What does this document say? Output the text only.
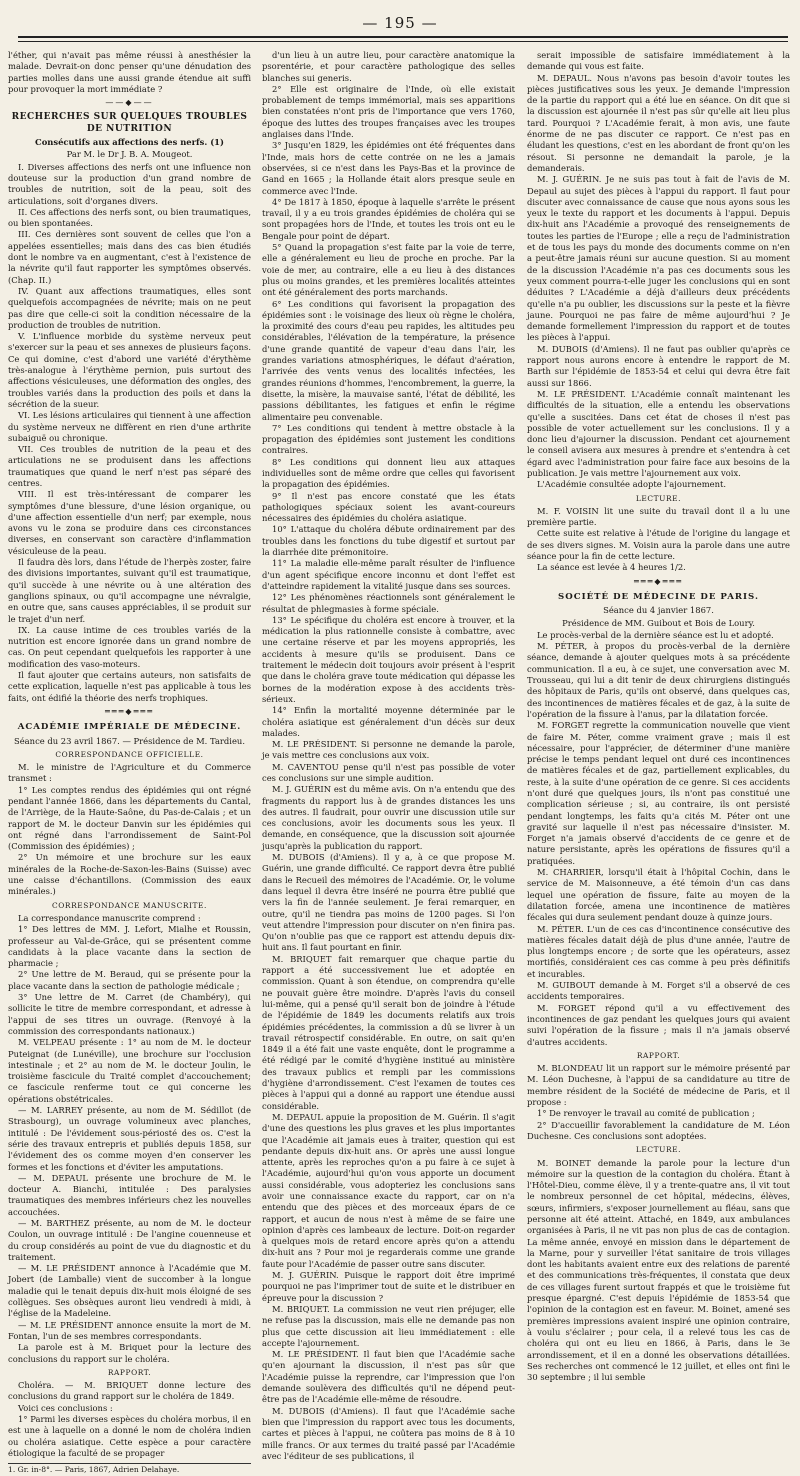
— 195 —

l'éther, qui n'avait pas même réussi à anesthésier la malade. Devrait-on donc penser qu'une dénudation des parties molles dans une aussi grande étendue ait suffi pour provoquer la mort immédiate ?

——◆——
RECHERCHES SUR QUELQUES TROUBLES DE NUTRITION
Consécutifs aux affections des nerfs. (1)
Par M. le Dr J. B. A. Mougeot.

I. Diverses affections des nerfs ont une influence non douteuse sur la production d'un grand nombre de troubles de nutrition, soit de la peau, soit des articulations, soit d'organes divers.

II. Ces affections des nerfs sont, ou bien traumatiques, ou bien spontanées.

III. Ces dernières sont souvent de celles que l'on a appelées essentielles; mais dans des cas bien étudiés dont le nombre va en augmentant, c'est à l'existence de la névrite qu'il faut rapporter les symptômes observés. (Chap. II.)

IV. Quant aux affections traumatiques, elles sont quelquefois accompagnées de névrite; mais on ne peut pas dire que celle-ci soit la condition nécessaire de la production de troubles de nutrition.

V. L'influence morbide du système nerveux peut s'exercer sur la peau et ses annexes de plusieurs façons. Ce qui domine, c'est d'abord une variété d'érythème très-analogue à l'érythème pernion, puis surtout des affections vésiculeuses, une déformation des ongles, des troubles variés dans la production des poils et dans la sécrétion de la sueur.

VI. Les lésions articulaires qui tiennent à une affection du système nerveux ne diffèrent en rien d'une arthrite subaiguë ou chronique.

VII. Ces troubles de nutrition de la peau et des articulations ne se produisent dans les affections traumatiques que quand le nerf n'est pas séparé des centres.

VIII. Il est très-intéressant de comparer les symptômes d'une blessure, d'une lésion organique, ou d'une affection essentielle d'un nerf; par exemple, nous avons vu le zona se produire dans ces circonstances diverses, en conservant son caractère d'inflammation vésiculeuse de la peau.

Il faudra dès lors, dans l'étude de l'herpès zoster, faire des divisions importantes, suivant qu'il est traumatique, qu'il succède à une névrite ou à une altération des ganglions spinaux, ou qu'il accompagne une névralgie, en outre que, sans causes appréciables, il se produit sur le trajet d'un nerf.

IX. La cause intime de ces troubles variés de la nutrition est encore ignorée dans un grand nombre de cas. On peut cependant quelquefois les rapporter à une modification des vaso-moteurs.

Il faut ajouter que certains auteurs, non satisfaits de cette explication, laquelle n'est pas applicable à tous les faits, ont édifié la théorie des nerfs trophiques.

═══◆═══
ACADÉMIE IMPÉRIALE DE MÉDECINE.
Séance du 23 avril 1867. — Présidence de M. Tardieu.
CORRESPONDANCE OFFICIELLE.

M. le ministre de l'Agriculture et du Commerce transmet :

1° Les comptes rendus des épidémies qui ont régné pendant l'année 1866, dans les départements du Cantal, de l'Arriège, de la Haute-Saône, du Pas-de-Calais ; et un rapport de M. le docteur Danvin sur les épidémies qui ont régné dans l'arrondissement de Saint-Pol (Commission des épidémies) ;

2° Un mémoire et une brochure sur les eaux minérales de la Roche-de-Saxon-les-Bains (Suisse) avec une caisse d'échantillons. (Commission des eaux minérales.)

CORRESPONDANCE MANUSCRITE.

La correspondance manuscrite comprend :

1° Des lettres de MM. J. Lefort, Mialhe et Roussin, professeur au Val-de-Grâce, qui se présentent comme candidats à la place vacante dans la section de pharmacie ;

2° Une lettre de M. Beraud, qui se présente pour la place vacante dans la section de pathologie médicale ;

3° Une lettre de M. Carret (de Chambéry), qui sollicite le titre de membre correspondant, et adresse à l'appui de ses titres un ouvrage. (Renvoyé à la commission des correspondants nationaux.)

M. VELPEAU présente : 1° au nom de M. le docteur Puteignat (de Lunéville), une brochure sur l'occlusion intestinale ; et 2° au nom de M. le docteur Joulin, le troisième fascicule du Traité complet d'accouchement; ce fascicule renferme tout ce qui concerne les opérations obstétricales.

— M. LARREY présente, au nom de M. Sédillot (de Strasbourg), un ouvrage volumineux avec planches, intitulé : De l'évidement sous-périosté des os. C'est la série des travaux entrepris et publiés depuis 1858, sur l'évidement des os comme moyen d'en conserver les formes et les fonctions et d'éviter les amputations.

— M. DEPAUL présente une brochure de M. le docteur A. Bianchi, intitulée : Des paralysies traumatiques des membres inférieurs chez les nouvelles accouchées.

— M. BARTHEZ présente, au nom de M. le docteur Coulon, un ouvrage intitulé : De l'angine couenneuse et du croup considérés au point de vue du diagnostic et du traitement.

— M. LE PRÉSIDENT annonce à l'Académie que M. Jobert (de Lamballe) vient de succomber à la longue maladie qui le tenait depuis dix-huit mois éloigné de ses collègues. Ses obsèques auront lieu vendredi à midi, à l'église de la Madeleine.

— M. LE PRÉSIDENT annonce ensuite la mort de M. Fontan, l'un de ses membres correspondants.

La parole est à M. Briquet pour la lecture des conclusions du rapport sur le choléra.

RAPPORT.

Choléra. — M. BRIQUET donne lecture des conclusions du grand rapport sur le choléra de 1849.

Voici ces conclusions :

1° Parmi les diverses espèces du choléra morbus, il en est une à laquelle on a donné le nom de choléra indien ou choléra asiatique. Cette espèce a pour caractère étiologique la faculté de se propager

1. Gr. in-8°. — Paris, 1867, Adrien Delahaye.

d'un lieu à un autre lieu, pour caractère anatomique la psorentérie, et pour caractère pathologique des selles blanches sui generis.

2° Elle est originaire de l'Inde, où elle existait probablement de temps immémorial, mais ses apparitions bien constatées n'ont pris de l'importance que vers 1760, époque des luttes des troupes françaises avec les troupes anglaises dans l'Inde.

3° Jusqu'en 1829, les épidémies ont été fréquentes dans l'Inde, mais hors de cette contrée on ne les a jamais observées, si ce n'est dans les Pays-Bas et la province de Gand en 1665 ; la Hollande était alors presque seule en commerce avec l'Inde.

4° De 1817 à 1850, époque à laquelle s'arrête le présent travail, il y a eu trois grandes épidémies de choléra qui se sont propagées hors de l'Inde, et toutes les trois ont eu le Bengale pour point de départ.

5° Quand la propagation s'est faite par la voie de terre, elle a généralement eu lieu de proche en proche. Par la voie de mer, au contraire, elle a eu lieu à des distances plus ou moins grandes, et les premières localités atteintes ont été généralement des ports marchands.

6° Les conditions qui favorisent la propagation des épidémies sont : le voisinage des lieux où règne le choléra, la proximité des cours d'eau peu rapides, les altitudes peu considérables, l'élévation de la température, la présence d'une grande quantité de vapeur d'eau dans l'air, les grandes variations atmosphériques, le défaut d'aération, l'arrivée des vents venus des localités infectées, les grandes réunions d'hommes, l'encombrement, la guerre, la disette, la misère, la mauvaise santé, l'état de débilité, les passions débilitantes, les fatigues et enfin le régime alimentaire peu convenable.

7° Les conditions qui tendent à mettre obstacle à la propagation des épidémies sont justement les conditions contraires.

8° Les conditions qui donnent lieu aux attaques individuelles sont de même ordre que celles qui favorisent la propagation des épidémies.

9° Il n'est pas encore constaté que les états pathologiques spéciaux soient les avant-coureurs nécessaires des épidémies du choléra asiatique.

10° L'attaque du choléra débute ordinairement par des troubles dans les fonctions du tube digestif et surtout par la diarrhée dite prémonitoire.

11° La maladie elle-même paraît résulter de l'influence d'un agent spécifique encore inconnu et dont l'effet est d'atteindre rapidement la vitalité jusque dans ses sources.

12° Les phénomènes réactionnels sont généralement le résultat de phlegmasies à forme spéciale.

13° Le spécifique du choléra est encore à trouver, et la médication la plus rationnelle consiste à combattre, avec une certaine réserve et par les moyens appropriés, les accidents à mesure qu'ils se produisent. Dans ce traitement le médecin doit toujours avoir présent à l'esprit que dans le choléra grave toute médication qui dépasse les bornes de la modération expose à des accidents très-sérieux.

14° Enfin la mortalité moyenne déterminée par le choléra asiatique est généralement d'un décès sur deux malades.

M. LE PRÉSIDENT. Si personne ne demande la parole, je vais mettre ces conclusions aux voix.

M. CAVENTOU pense qu'il n'est pas possible de voter ces conclusions sur une simple audition.

M. J. GUÉRIN est du même avis. On n'a entendu que des fragments du rapport lus à de grandes distances les uns des autres. Il faudrait, pour ouvrir une discussion utile sur ces conclusions, avoir les documents sous les yeux. Il demande, en conséquence, que la discussion soit ajournée jusqu'après la publication du rapport.

M. DUBOIS (d'Amiens). Il y a, à ce que propose M. Guérin, une grande difficulté. Ce rapport devra être publié dans le Recueil des mémoires de l'Académie. Or, le volume dans lequel il devra être inséré ne pourra être publié que vers la fin de l'année seulement. Je ferai remarquer, en outre, qu'il ne tiendra pas moins de 1200 pages. Si l'on veut attendre l'impression pour discuter on n'en finira pas. Qu'on n'oublie pas que ce rapport est attendu depuis dix-huit ans. Il faut pourtant en finir.

M. BRIQUET fait remarquer que chaque partie du rapport a été successivement lue et adoptée en commission. Quant à son étendue, on comprendra qu'elle ne pouvait guère être moindre. D'après l'avis du conseil lui-même, qui a pensé qu'il serait bon de joindre à l'étude de l'épidémie de 1849 les documents relatifs aux trois épidémies précédentes, la commission a dû se livrer à un travail rétrospectif considérable. En outre, on sait qu'en 1849 il a été fait une vaste enquête, dont le programme a été rédigé par le comité d'hygiène institué au ministère des travaux publics et rempli par les commissions d'hygiène d'arrondissement. C'est l'examen de toutes ces pièces à l'appui qui a donné au rapport une étendue aussi considérable.

M. DEPAUL appuie la proposition de M. Guérin. Il s'agit d'une des questions les plus graves et les plus importantes que l'Académie ait jamais eues à traiter, question qui est pendante depuis dix-huit ans. Or après une aussi longue attente, après les reproches qu'on a pu faire à ce sujet à l'Académie, aujourd'hui qu'on vous apporte un document aussi considérable, vous adopteriez les conclusions sans avoir une connaissance exacte du rapport, car on n'a entendu que des pièces et des morceaux épars de ce rapport, et aucun de nous n'est à même de se faire une opinion d'après ces lambeaux de lecture. Doit-on regarder à quelques mois de retard encore après qu'on a attendu dix-huit ans ? Pour moi je regarderais comme une grande faute pour l'Académie de passer outre sans discuter.

M. J. GUÉRIN. Puisque le rapport doit être imprimé pourquoi ne pas l'imprimer tout de suite et le distribuer en épreuve pour la discussion ?

M. BRIQUET. La commission ne veut rien préjuger, elle ne refuse pas la discussion, mais elle ne demande pas non plus que cette discussion ait lieu immédiatement : elle accepte l'ajournement.

M. LE PRÉSIDENT. Il faut bien que l'Académie sache qu'en ajournant la discussion, il n'est pas sûr que l'Académie puisse la reprendre, car l'impression que l'on demande soulèvera des difficultés qu'il ne dépend peut-être pas de l'Académie elle-même de résoudre.

M. DUBOIS (d'Amiens). Il faut que l'Académie sache bien que l'impression du rapport avec tous les documents, cartes et pièces à l'appui, ne coûtera pas moins de 8 à 10 mille francs. Or aux termes du traité passé par l'Académie avec l'éditeur de ses publications, il

serait impossible de satisfaire immédiatement à la demande qui vous est faite.

M. DEPAUL. Nous n'avons pas besoin d'avoir toutes les pièces justificatives sous les yeux. Je demande l'impression de la partie du rapport qui a été lue en séance. On dit que si la discussion est ajournée il n'est pas sûr qu'elle ait lieu plus tard. Pourquoi ? L'Académie ferait, à mon avis, une faute énorme de ne pas discuter ce rapport. Ce n'est pas en éludant les questions, c'est en les abordant de front qu'on les résout. Si personne ne demandait la parole, je la demanderais.

M. J. GUÉRIN. Je ne suis pas tout à fait de l'avis de M. Depaul au sujet des pièces à l'appui du rapport. Il faut pour discuter avec connaissance de cause que nous ayons sous les yeux le texte du rapport et les documents à l'appui. Depuis dix-huit ans l'Académie a provoqué des renseignements de toutes les parties de l'Europe ; elle a reçu de l'administration et de tous les pays du monde des documents comme on n'en a peut-être jamais réuni sur aucune question. Si au moment de la discussion l'Académie n'a pas ces documents sous les yeux comment pourra-t-elle juger les conclusions qui en sont déduites ? L'Académie a déjà d'ailleurs deux précédents qu'elle n'a pu oublier, les discussions sur la peste et la fièvre jaune. Pourquoi ne pas faire de même aujourd'hui ? Je demande formellement l'impression du rapport et de toutes les pièces à l'appui.

M. DUBOIS (d'Amiens). Il ne faut pas oublier qu'après ce rapport nous aurons encore à entendre le rapport de M. Barth sur l'épidémie de 1853-54 et celui qui devra être fait aussi sur 1866.

M. LE PRÉSIDENT. L'Académie connaît maintenant les difficultés de la situation, elle a entendu les observations qu'elle a suscitées. Dans cet état de choses il n'est pas possible de voter actuellement sur les conclusions. Il y a donc lieu d'ajourner la discussion. Pendant cet ajournement le conseil avisera aux mesures à prendre et s'entendra à cet égard avec l'administration pour faire face aux besoins de la publication. Je vais mettre l'ajournement aux voix.

L'Académie consultée adopte l'ajournement.

LECTURE.

M. F. VOISIN lit une suite du travail dont il a lu une première partie.

Cette suite est relative à l'étude de l'origine du langage et de ses divers signes. M. Voisin aura la parole dans une autre séance pour la fin de cette lecture.

La séance est levée à 4 heures 1/2.

═══◆═══
SOCIÉTÉ DE MÉDECINE DE PARIS.
Séance du 4 janvier 1867.
Présidence de MM. Guibout et Bois de Loury.

Le procès-verbal de la dernière séance est lu et adopté.

M. PÉTER, à propos du procès-verbal de la dernière séance, demande à ajouter quelques mots à sa précédente communication. Il a eu, à ce sujet, une conversation avec M. Trousseau, qui lui a dit tenir de deux chirurgiens distingués des hôpitaux de Paris, qu'ils ont observé, dans quelques cas, des incontinences de matières fécales et de gaz, à la suite de l'opération de la fissure à l'anus, par la dilatation forcée.

M. FORGET regrette la communication nouvelle que vient de faire M. Péter, comme vraiment grave ; mais il est nécessaire, pour l'apprécier, de déterminer d'une manière précise le temps pendant lequel ont duré ces incontinences de matières fécales et de gaz, partiellement explicables, du reste, à la suite d'une opération de ce genre. Si ces accidents n'ont duré que quelques jours, ils n'ont pas constitué une complication sérieuse ; si, au contraire, ils ont persisté pendant longtemps, les faits qu'a cités M. Péter ont une gravité sur laquelle il n'est pas nécessaire d'insister. M. Forget n'a jamais observé d'accidents de ce genre et de nature persistante, après les opérations de fissures qu'il a pratiquées.

M. CHARRIER, lorsqu'il était à l'hôpital Cochin, dans le service de M. Maisonneuve, a été témoin d'un cas dans lequel une opération de fissure, faite au moyen de la dilatation forcée, amena une incontinence de matières fécales qui dura seulement pendant douze à quinze jours.

M. PÉTER. L'un de ces cas d'incontinence consécutive des matières fécales datait déjà de plus d'une année, l'autre de plus longtemps encore ; de sorte que les opérateurs, assez mortifiés, considéraient ces cas comme à peu près définitifs et incurables.

M. GUIBOUT demande à M. Forget s'il a observé de ces accidents temporaires.

M. FORGET répond qu'il a vu effectivement des incontinences de gaz pendant les quelques jours qui avaient suivi l'opération de la fissure ; mais il n'a jamais observé d'autres accidents.

RAPPORT.

M. BLONDEAU lit un rapport sur le mémoire présenté par M. Léon Duchesne, à l'appui de sa candidature au titre de membre résident de la Société de médecine de Paris, et il propose :

1° De renvoyer le travail au comité de publication ;

2° D'accueillir favorablement la candidature de M. Léon Duchesne. Ces conclusions sont adoptées.

LECTURE.

M. BOINET demande la parole pour la lecture d'un mémoire sur la question de la contagion du choléra. Étant à l'Hôtel-Dieu, comme élève, il y a trente-quatre ans, il vit tout le nombreux personnel de cet hôpital, médecins, élèves, sœurs, infirmiers, s'exposer journellement au fléau, sans que personne ait été atteint. Attaché, en 1849, aux ambulances organisées à Paris, il ne vit pas non plus de cas de contagion. La même année, envoyé en mission dans le département de la Marne, pour y surveiller l'état sanitaire de trois villages dont les habitants avaient entre eux des relations de parenté et des communications très-fréquentes, il constata que deux de ces villages furent surtout frappés et que le troisième fut presque épargné. C'est depuis l'épidémie de 1853-54 que l'opinion de la contagion est en faveur. M. Boinet, amené ses premières impressions avaient inspiré une opinion contraire, à voulu s'éclairer ; pour cela, il a relevé tous les cas de choléra qui ont eu lieu en 1866, à Paris, dans le 3e arrondissement, et il en a donné les observations détaillées. Ses recherches ont commencé le 12 juillet, et elles ont fini le 30 septembre ; il lui semble
